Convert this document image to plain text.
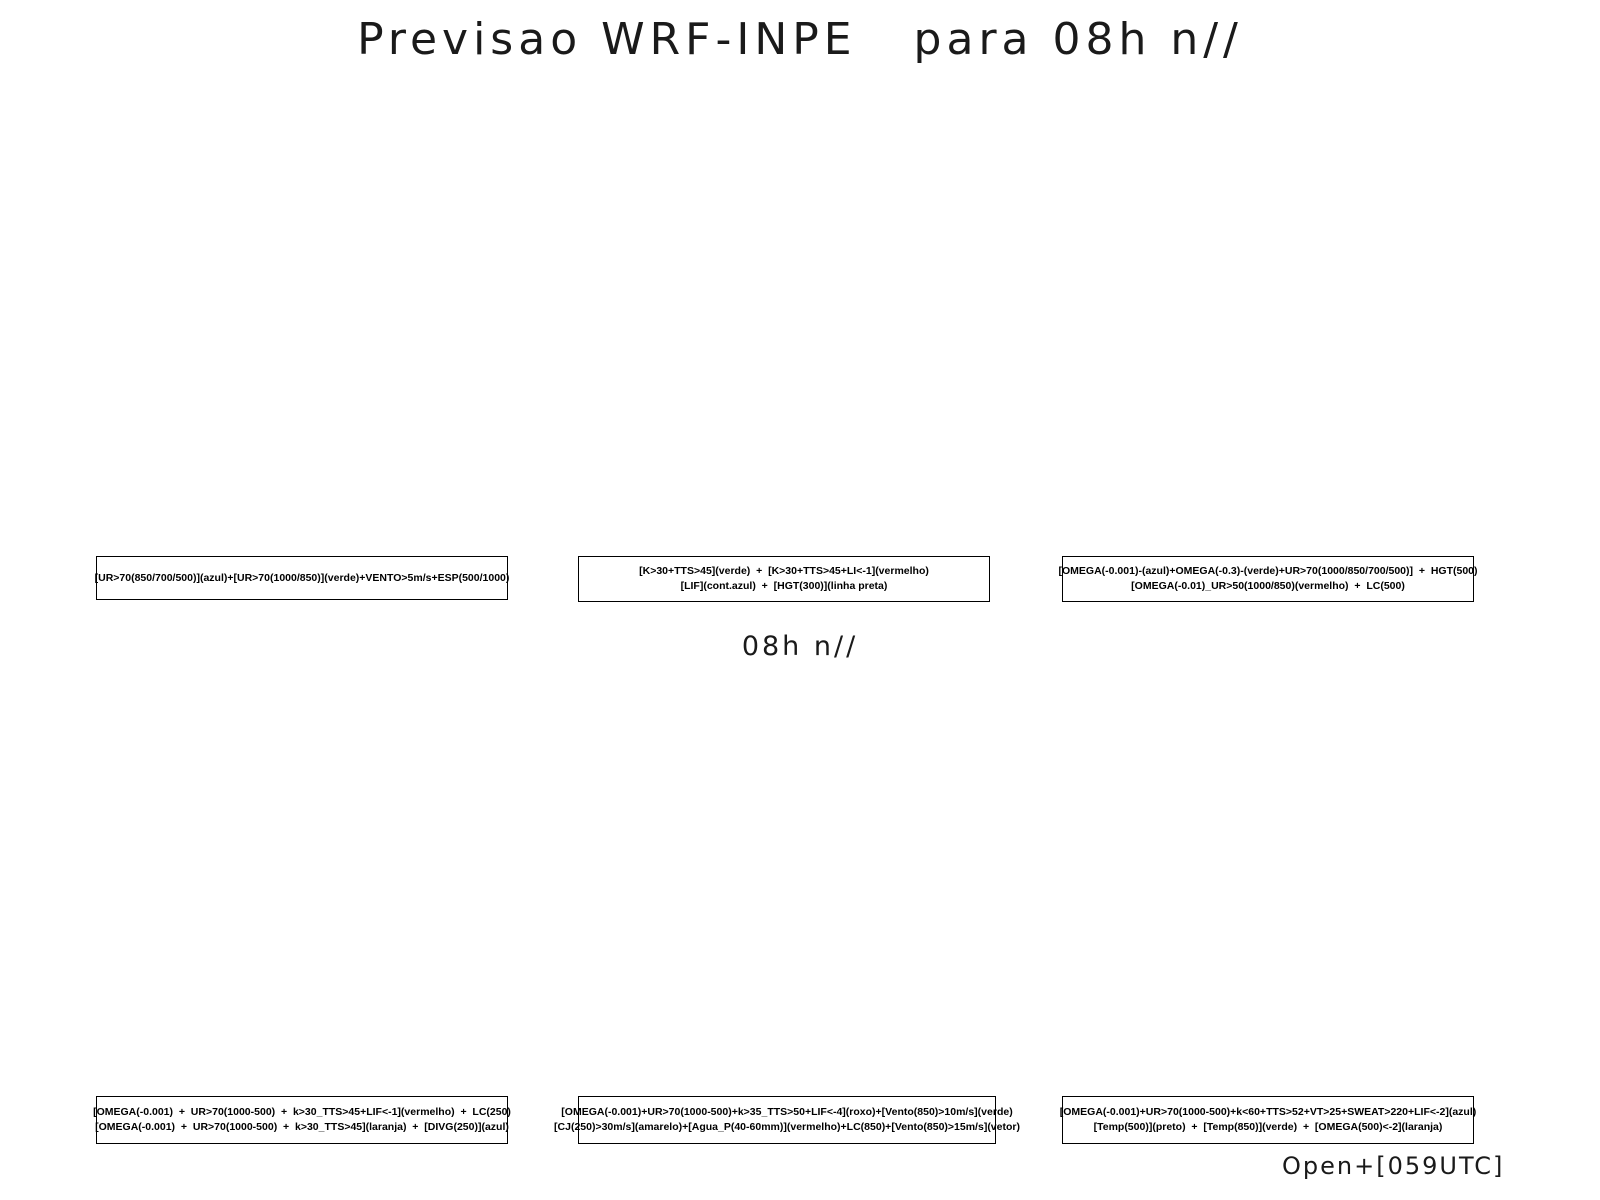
Previsao WRF-INPE   para 08h n//
[UR>70(850/700/500)](azul)+[UR>70(1000/850)](verde)+VENTO>5m/s+ESP(500/1000)
[K>30+TTS>45](verde)  +  [K>30+TTS>45+LI<-1](vermelho)
[LIF](cont.azul)  +  [HGT(300)](linha preta)
[OMEGA(-0.001)-(azul)+OMEGA(-0.3)-(verde)+UR>70(1000/850/700/500)]  +  HGT(500)
[OMEGA(-0.01)_UR>50(1000/850)(vermelho)  +  LC(500)
08h n//
[OMEGA(-0.001)  +  UR>70(1000-500)  +  k>30_TTS>45+LIF<-1](vermelho)  +  LC(250)
[OMEGA(-0.001)  +  UR>70(1000-500)  +  k>30_TTS>45](laranja)  +  [DIVG(250)](azul)
[OMEGA(-0.001)+UR>70(1000-500)+k>35_TTS>50+LIF<-4](roxo)+[Vento(850)>10m/s](verde)
[CJ(250)>30m/s](amarelo)+[Agua_P(40-60mm)](vermelho)+LC(850)+[Vento(850)>15m/s](vetor)
[OMEGA(-0.001)+UR>70(1000-500)+k<60+TTS>52+VT>25+SWEAT>220+LIF<-2](azul)
[Temp(500)](preto)  +  [Temp(850)](verde)  +  [OMEGA(500)<-2](laranja)
Open+[059UTC]
